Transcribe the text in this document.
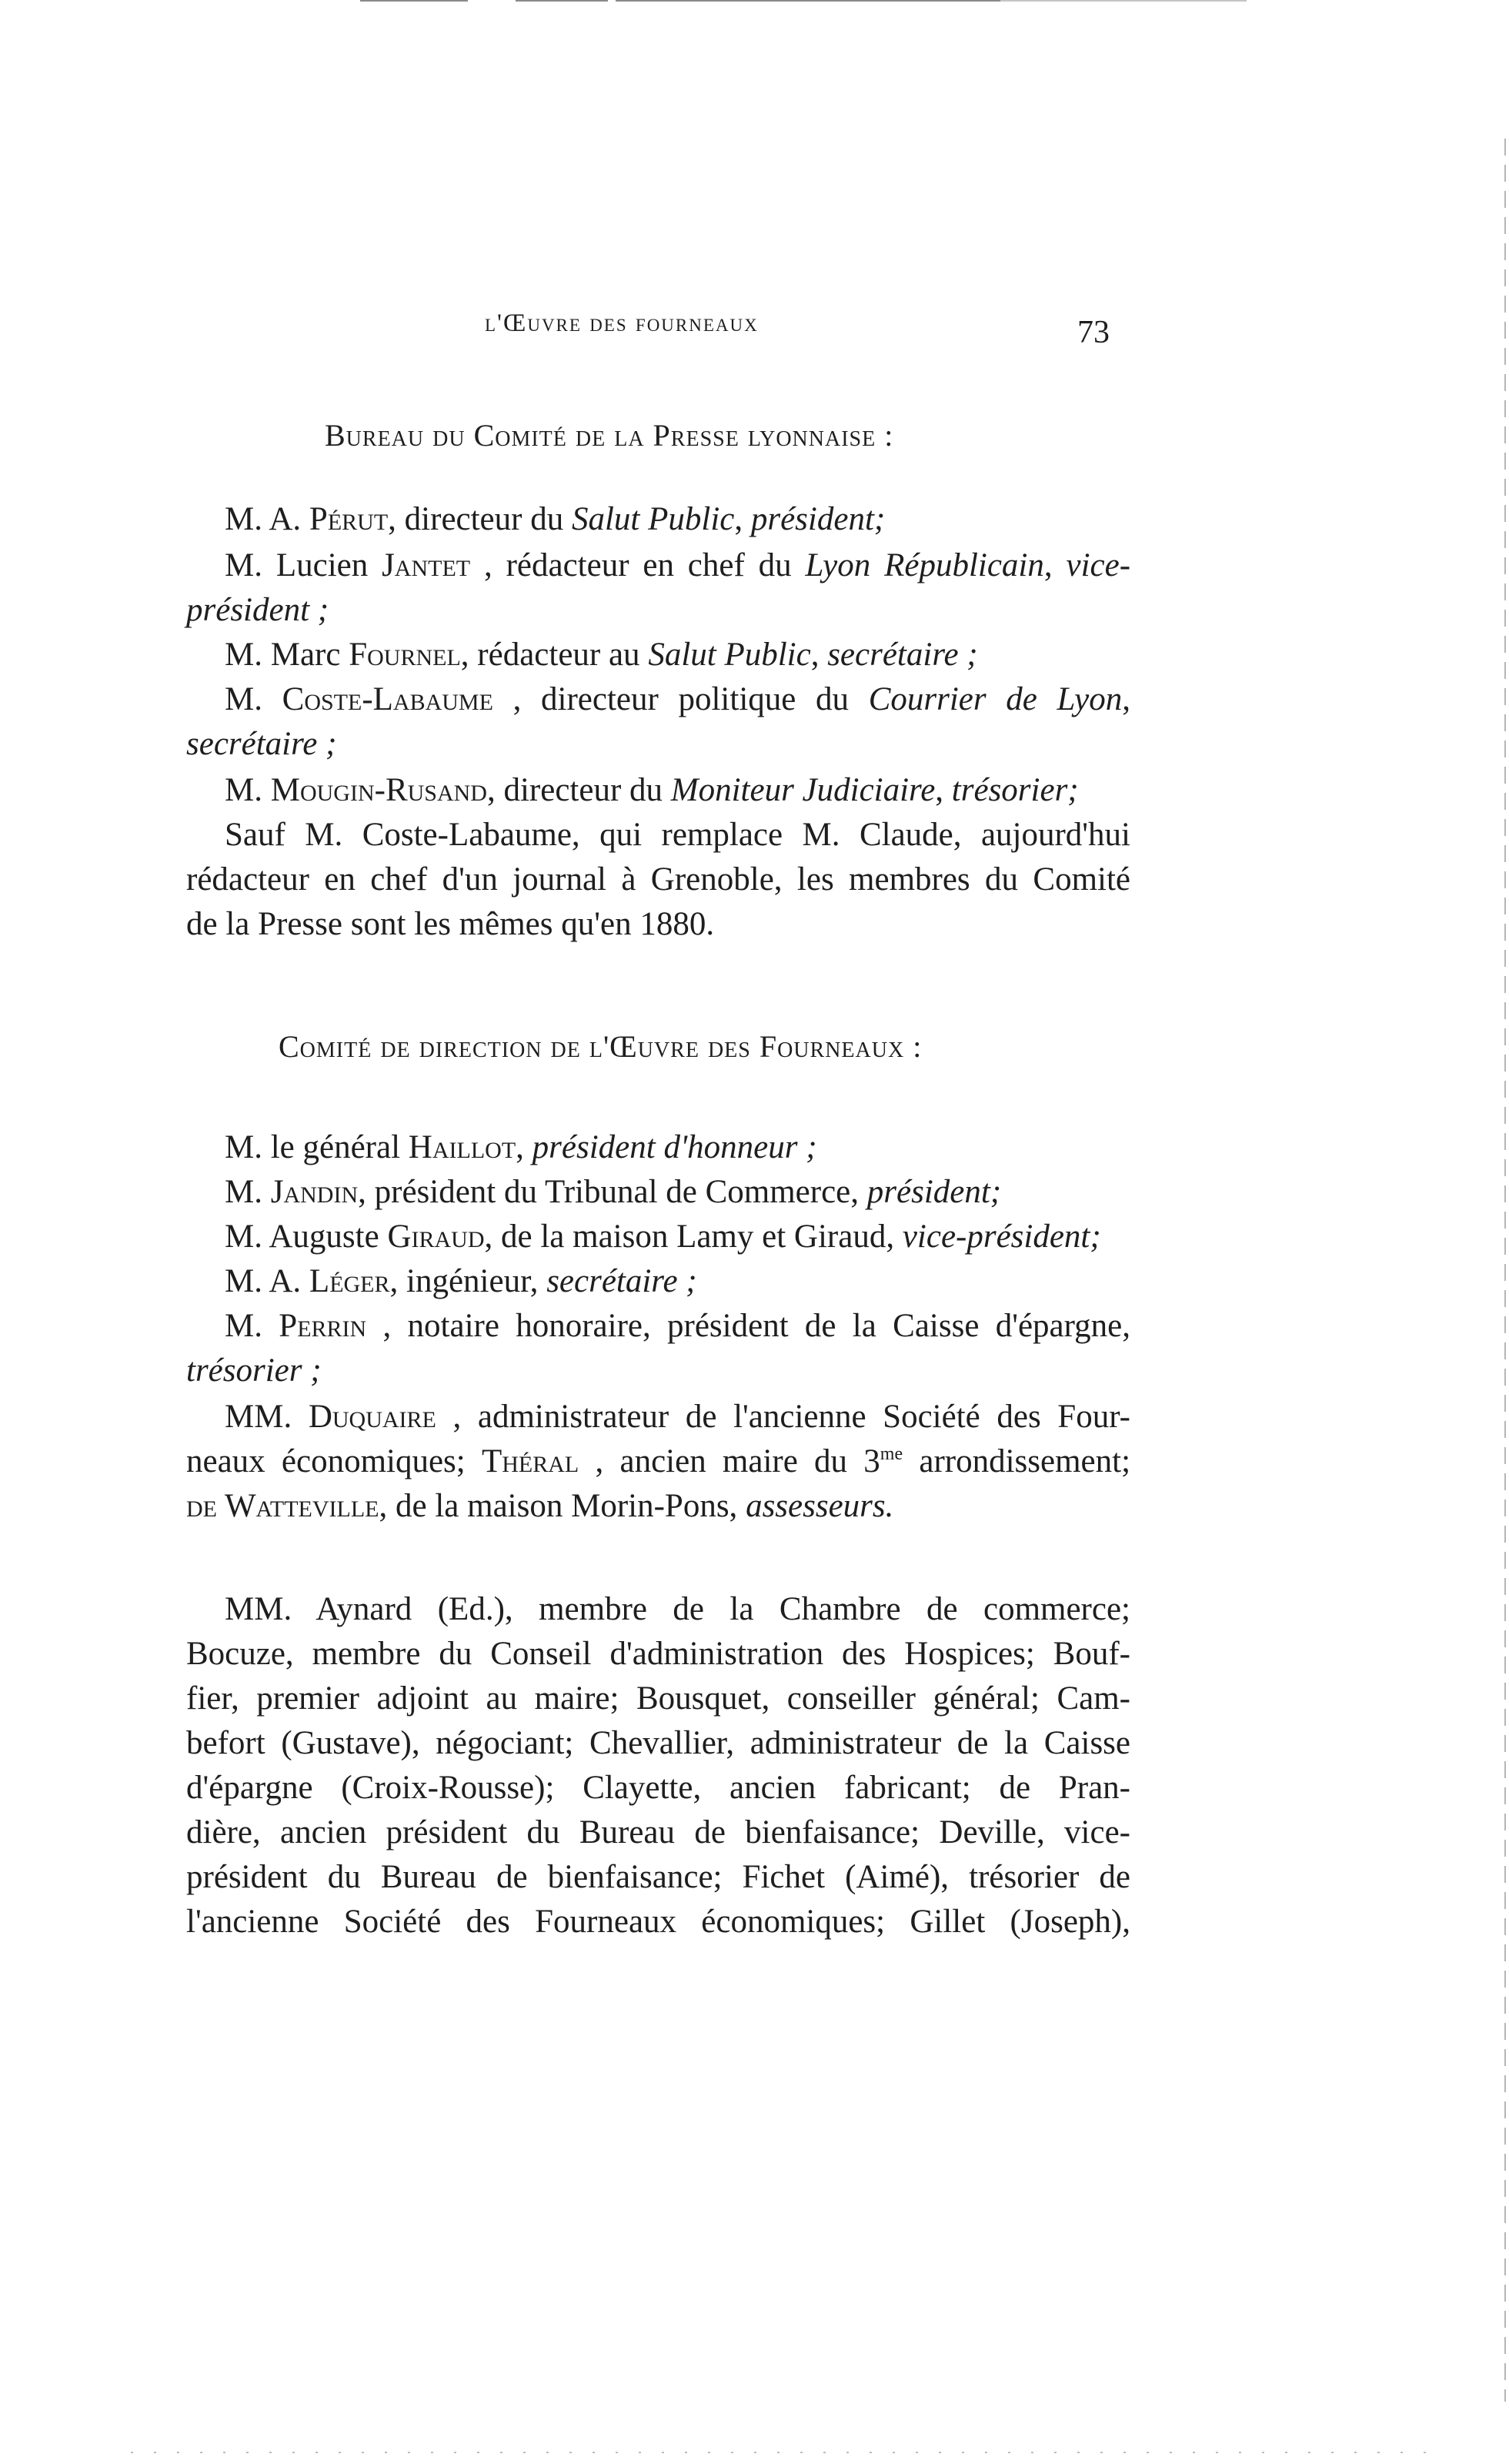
l'Œuvre des fourneaux	73
Bureau du Comité de la Presse lyonnaise :
M. A. Pérut, directeur du Salut Public, président;
M. Lucien Jantet , rédacteur en chef du Lyon Républicain, vice-
président ;
M. Marc Fournel, rédacteur au Salut Public, secrétaire ;
M. Coste-Labaume , directeur politique du Courrier de Lyon,
secrétaire ;
M. Mougin-Rusand, directeur du Moniteur Judiciaire, trésorier;
Sauf M. Coste-Labaume, qui remplace M. Claude, aujourd'hui
rédacteur en chef d'un journal à Grenoble, les membres du Comité
de la Presse sont les mêmes qu'en 1880.
Comité de direction de l'Œuvre des Fourneaux :
M. le général Haillot, président d'honneur ;
M. Jandin, président du Tribunal de Commerce, président;
M. Auguste Giraud, de la maison Lamy et Giraud, vice-président;
M. A. Léger, ingénieur, secrétaire ;
M. Perrin , notaire honoraire, président de la Caisse d'épargne,
trésorier ;
MM. Duquaire , administrateur de l'ancienne Société des Four-
neaux économiques; Théral , ancien maire du $3^{me}$ arrondissement;
de Watteville, de la maison Morin-Pons, assesseurs.
MM. Aynard (Ed.), membre de la Chambre de commerce;
Bocuze, membre du Conseil d'administration des Hospices; Bouf-
fier, premier adjoint au maire; Bousquet, conseiller général; Cam-
befort (Gustave), négociant; Chevallier, administrateur de la Caisse
d'épargne (Croix-Rousse); Clayette, ancien fabricant; de Pran-
dière, ancien président du Bureau de bienfaisance; Deville, vice-
président du Bureau de bienfaisance; Fichet (Aimé), trésorier de
l'ancienne Société des Fourneaux économiques; Gillet (Joseph),
